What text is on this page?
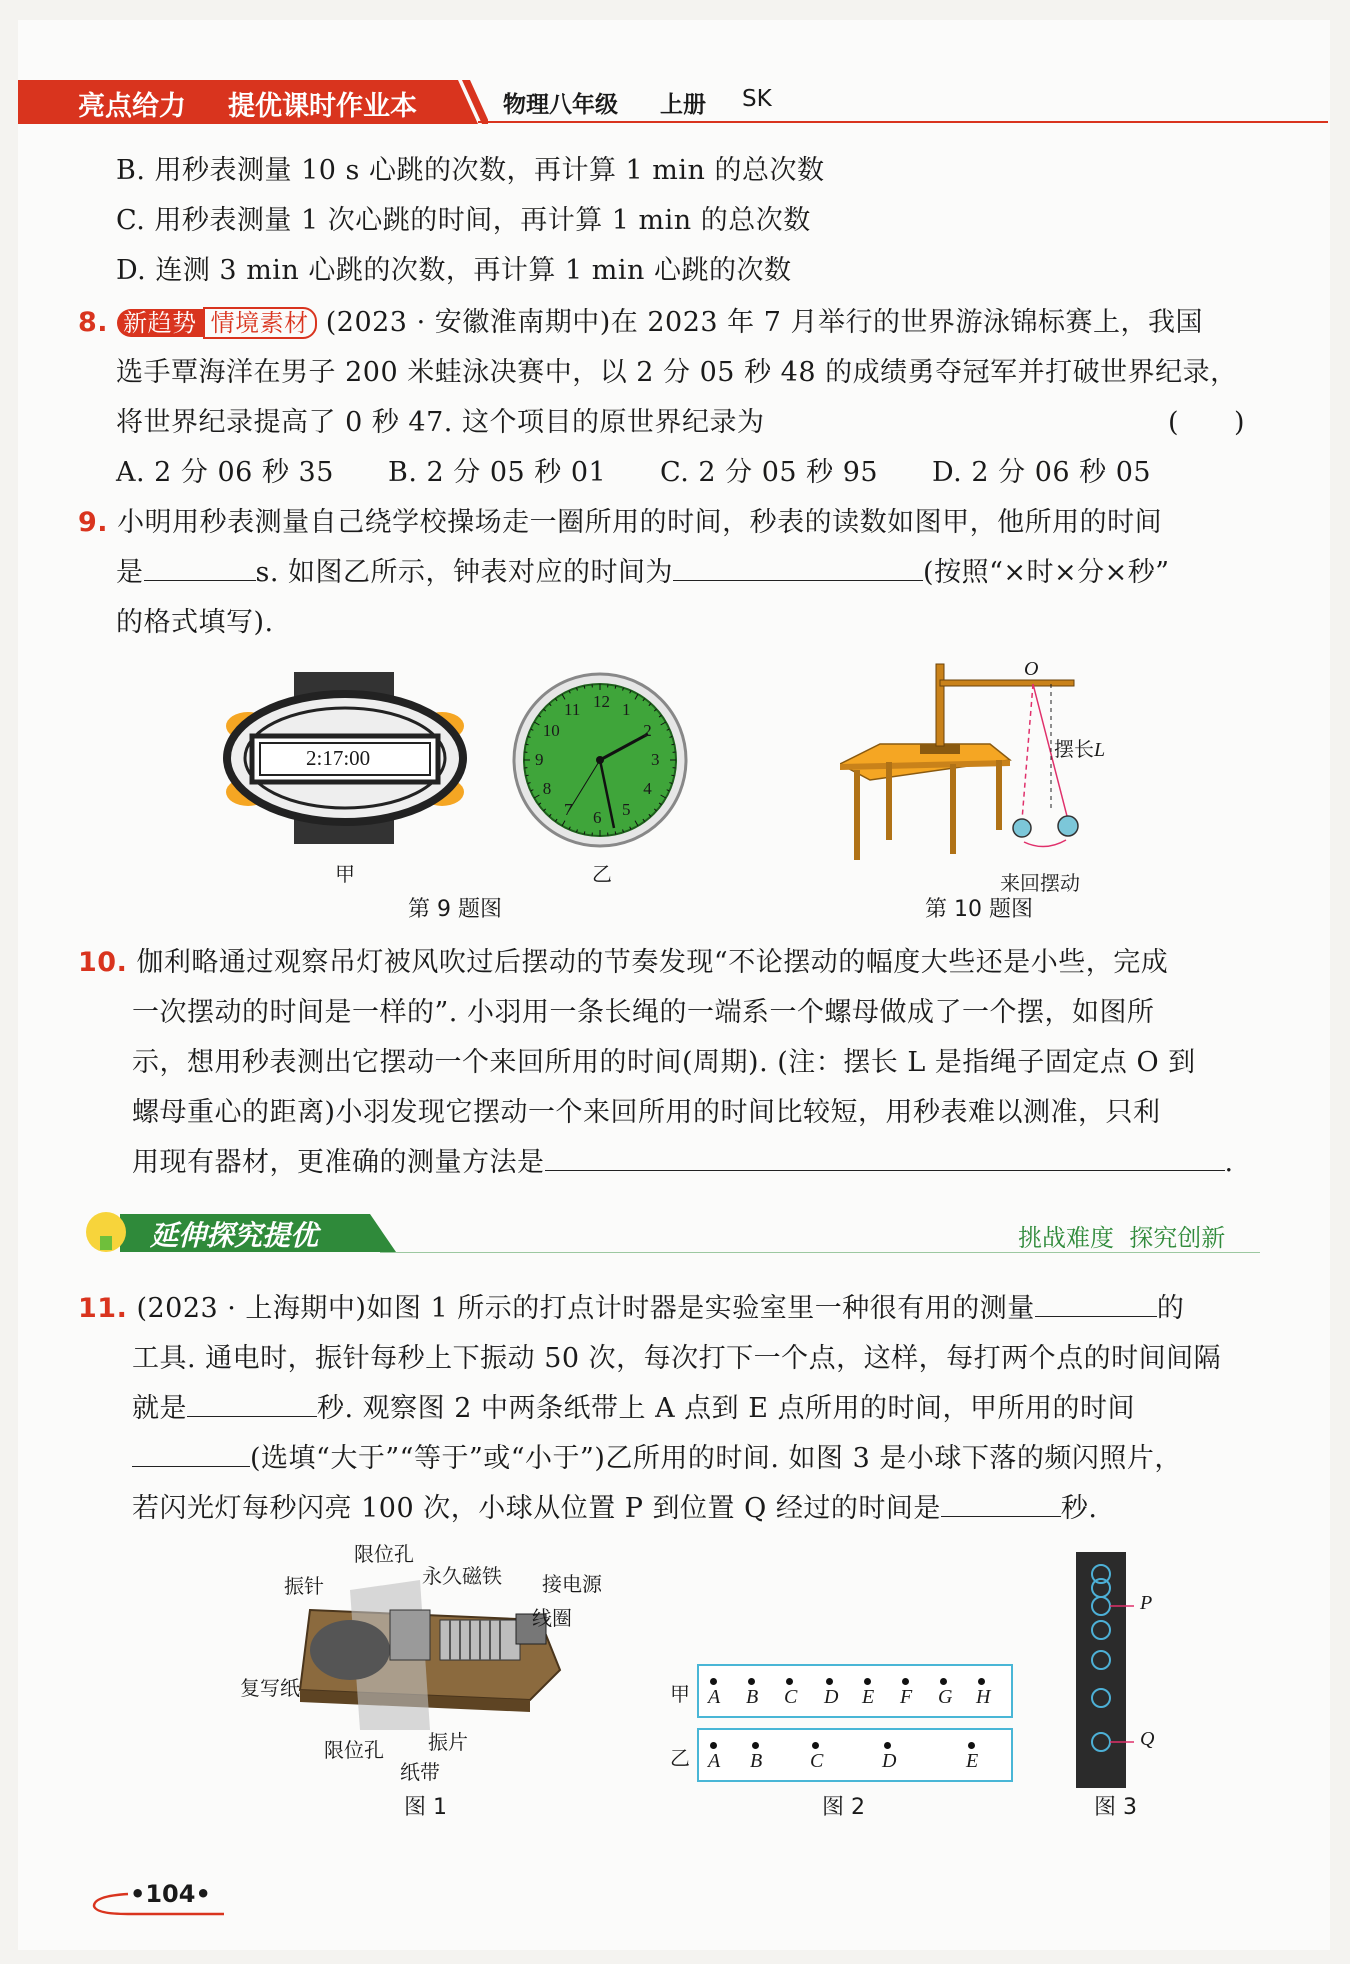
亮点给力 提优课时作业本	物理八年级 上册 SK
B. 用秒表测量 10 s 心跳的次数，再计算 1 min 的总次数
C. 用秒表测量 1 次心跳的时间，再计算 1 min 的总次数
D. 连测 3 min 心跳的次数，再计算 1 min 心跳的次数
8. 新趋势 情境素材 (2023 · 安徽淮南期中)在 2023 年 7 月举行的世界游泳锦标赛上，我国
选手覃海洋在男子 200 米蛙泳决赛中，以 2 分 05 秒 48 的成绩勇夺冠军并打破世界纪录，
将世界纪录提高了 0 秒 47. 这个项目的原世界纪录为	(　　)
A. 2 分 06 秒 35 B. 2 分 05 秒 01 C. 2 分 05 秒 95 D. 2 分 06 秒 05
9. 小明用秒表测量自己绕学校操场走一圈所用的时间，秒表的读数如图甲，他所用的时间
是	s. 如图乙所示，钟表对应的时间为	(按照“×时×分×秒”
的格式填写).
2:17:00
甲
12 1
2
3
4
5
6
7
8
9
10
11
乙
第 9 题图
O
摆长L
来回摆动
第 10 题图
10. 伽利略通过观察吊灯被风吹过后摆动的节奏发现“不论摆动的幅度大些还是小些，完成
一次摆动的时间是一样的”. 小羽用一条长绳的一端系一个螺母做成了一个摆，如图所
示，想用秒表测出它摆动一个来回所用的时间(周期). (注：摆长 L 是指绳子固定点 O 到
螺母重心的距离)小羽发现它摆动一个来回所用的时间比较短，用秒表难以测准，只利
用现有器材，更准确的测量方法是	.
延伸探究提优	挑战难度  探究创新
11. (2023 · 上海期中)如图 1 所示的打点计时器是实验室里一种很有用的测量	的
工具. 通电时，振针每秒上下振动 50 次，每次打下一个点，这样，每打两个点的时间间隔
就是	秒. 观察图 2 中两条纸带上 A 点到 E 点所用的时间，甲所用的时间
(选填“大于”“等于”或“小于”)乙所用的时间. 如图 3 是小球下落的频闪照片，
若闪光灯每秒闪亮 100 次，小球从位置 P 到位置 Q 经过的时间是	秒.
限位孔
永久磁铁
振针	接电源
线圈
复写纸
限位孔 振片
纸带
图 1
甲 A B C D E F G H
乙 A B C	D	E
图 2
P
Q
图 3
•104•
